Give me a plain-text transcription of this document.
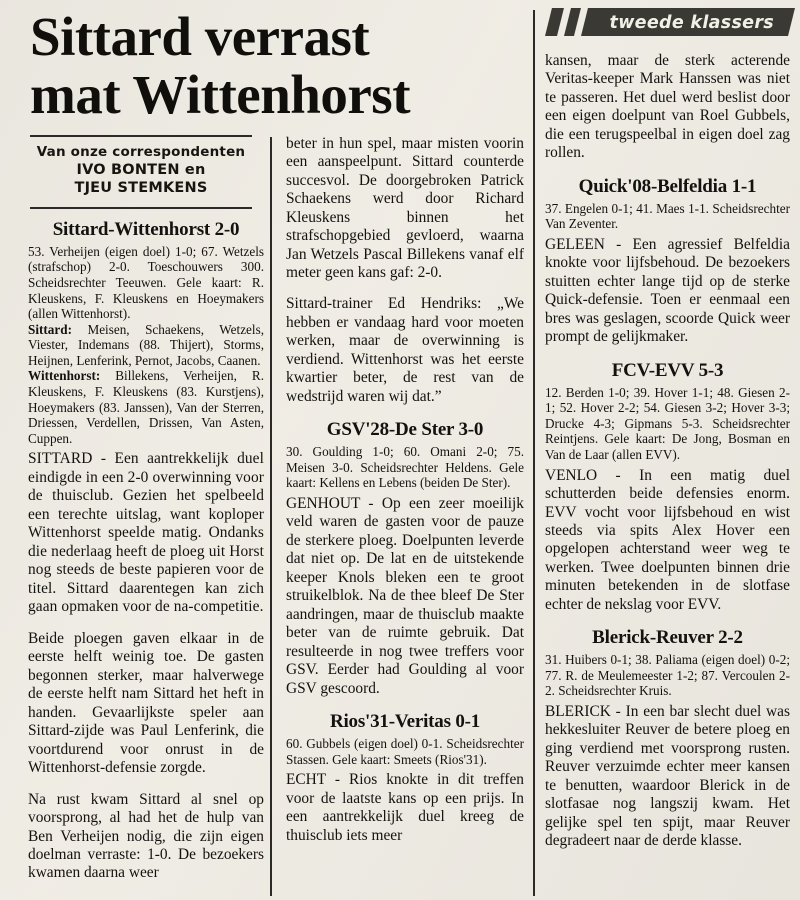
Sittard verrast
mat Wittenhorst
Van onze correspondenten
IVO BONTEN en
TJEU STEMKENS
Sittard-Wittenhorst 2-0
53. Verheijen (eigen doel) 1-0; 67. Wetzels (strafschop) 2-0. Toeschouwers 300. Scheidsrechter Teeuwen. Gele kaart: R. Kleuskens, F. Kleuskens en Hoeymakers (allen Wittenhorst).
Sittard: Meisen, Schaekens, Wetzels, Viester, Indemans (88. Thijert), Storms, Heijnen, Lenferink, Pernot, Jacobs, Caanen.
Wittenhorst: Billekens, Verheijen, R. Kleuskens, F. Kleuskens (83. Kurstjens), Hoeymakers (83. Janssen), Van der Sterren, Driessen, Verdellen, Drissen, Van Asten, Cuppen.

SITTARD - Een aantrekkelijk duel eindigde in een 2-0 overwinning voor de thuisclub. Gezien het spelbeeld een terechte uitslag, want koploper Wittenhorst speelde matig. Ondanks die nederlaag heeft de ploeg uit Horst nog steeds de beste papieren voor de titel. Sittard daarentegen kan zich gaan opmaken voor de na-competitie.

Beide ploegen gaven elkaar in de eerste helft weinig toe. De gasten begonnen sterker, maar halverwege de eerste helft nam Sittard het heft in handen. Gevaarlijkste speler aan Sittard-zijde was Paul Lenferink, die voortdurend voor onrust in de Wittenhorst-defensie zorgde.

Na rust kwam Sittard al snel op voorsprong, al had het de hulp van Ben Verheijen nodig, die zijn eigen doelman verraste: 1-0. De bezoekers kwamen daarna weer

beter in hun spel, maar misten voorin een aanspeelpunt. Sittard counterde succesvol. De doorgebroken Patrick Schaekens werd door Richard Kleuskens binnen het strafschopgebied gevloerd, waarna Jan Wetzels Pascal Billekens vanaf elf meter geen kans gaf: 2-0.

Sittard-trainer Ed Hendriks: „We hebben er vandaag hard voor moeten werken, maar de overwinning is verdiend. Wittenhorst was het eerste kwartier beter, de rest van de wedstrijd waren wij dat.”

GSV'28-De Ster 3-0
30. Goulding 1-0; 60. Omani 2-0; 75. Meisen 3-0. Scheidsrechter Heldens. Gele kaart: Kellens en Lebens (beiden De Ster).

GENHOUT - Op een zeer moeilijk veld waren de gasten voor de pauze de sterkere ploeg. Doelpunten leverde dat niet op. De lat en de uitstekende keeper Knols bleken een te groot struikelblok. Na de thee bleef De Ster aandringen, maar de thuisclub maakte beter van de ruimte gebruik. Dat resulteerde in nog twee treffers voor GSV. Eerder had Goulding al voor GSV gescoord.

Rios'31-Veritas 0-1
60. Gubbels (eigen doel) 0-1. Scheidsrechter Stassen. Gele kaart: Smeets (Rios'31).

ECHT - Rios knokte in dit treffen voor de laatste kans op een prijs. In een aantrekkelijk duel kreeg de thuisclub iets meer

tweede klassers

kansen, maar de sterk acterende Veritas-keeper Mark Hanssen was niet te passeren. Het duel werd beslist door een eigen doelpunt van Roel Gubbels, die een terugspeelbal in eigen doel zag rollen.

Quick'08-Belfeldia 1-1
37. Engelen 0-1; 41. Maes 1-1. Scheidsrechter Van Zeventer.

GELEEN - Een agressief Belfeldia knokte voor lijfsbehoud. De bezoekers stuitten echter lange tijd op de sterke Quick-defensie. Toen er eenmaal een bres was geslagen, scoorde Quick weer prompt de gelijkmaker.

FCV-EVV 5-3
12. Berden 1-0; 39. Hover 1-1; 48. Giesen 2-1; 52. Hover 2-2; 54. Giesen 3-2; Hover 3-3; Drucke 4-3; Gipmans 5-3. Scheidsrechter Reintjens. Gele kaart: De Jong, Bosman en Van de Laar (allen EVV).

VENLO - In een matig duel schutterden beide defensies enorm. EVV vocht voor lijfsbehoud en wist steeds via spits Alex Hover een opgelopen achterstand weer weg te werken. Twee doelpunten binnen drie minuten betekenden in de slotfase echter de nekslag voor EVV.

Blerick-Reuver 2-2
31. Huibers 0-1; 38. Paliama (eigen doel) 0-2; 77. R. de Meulemeester 1-2; 87. Vercoulen 2-2. Scheidsrechter Kruis.

BLERICK - In een bar slecht duel was hekkesluiter Reuver de betere ploeg en ging verdiend met voorsprong rusten. Reuver verzuimde echter meer kansen te benutten, waardoor Blerick in de slotfasae nog langszij kwam. Het gelijke spel ten spijt, maar Reuver degradeert naar de derde klasse.
